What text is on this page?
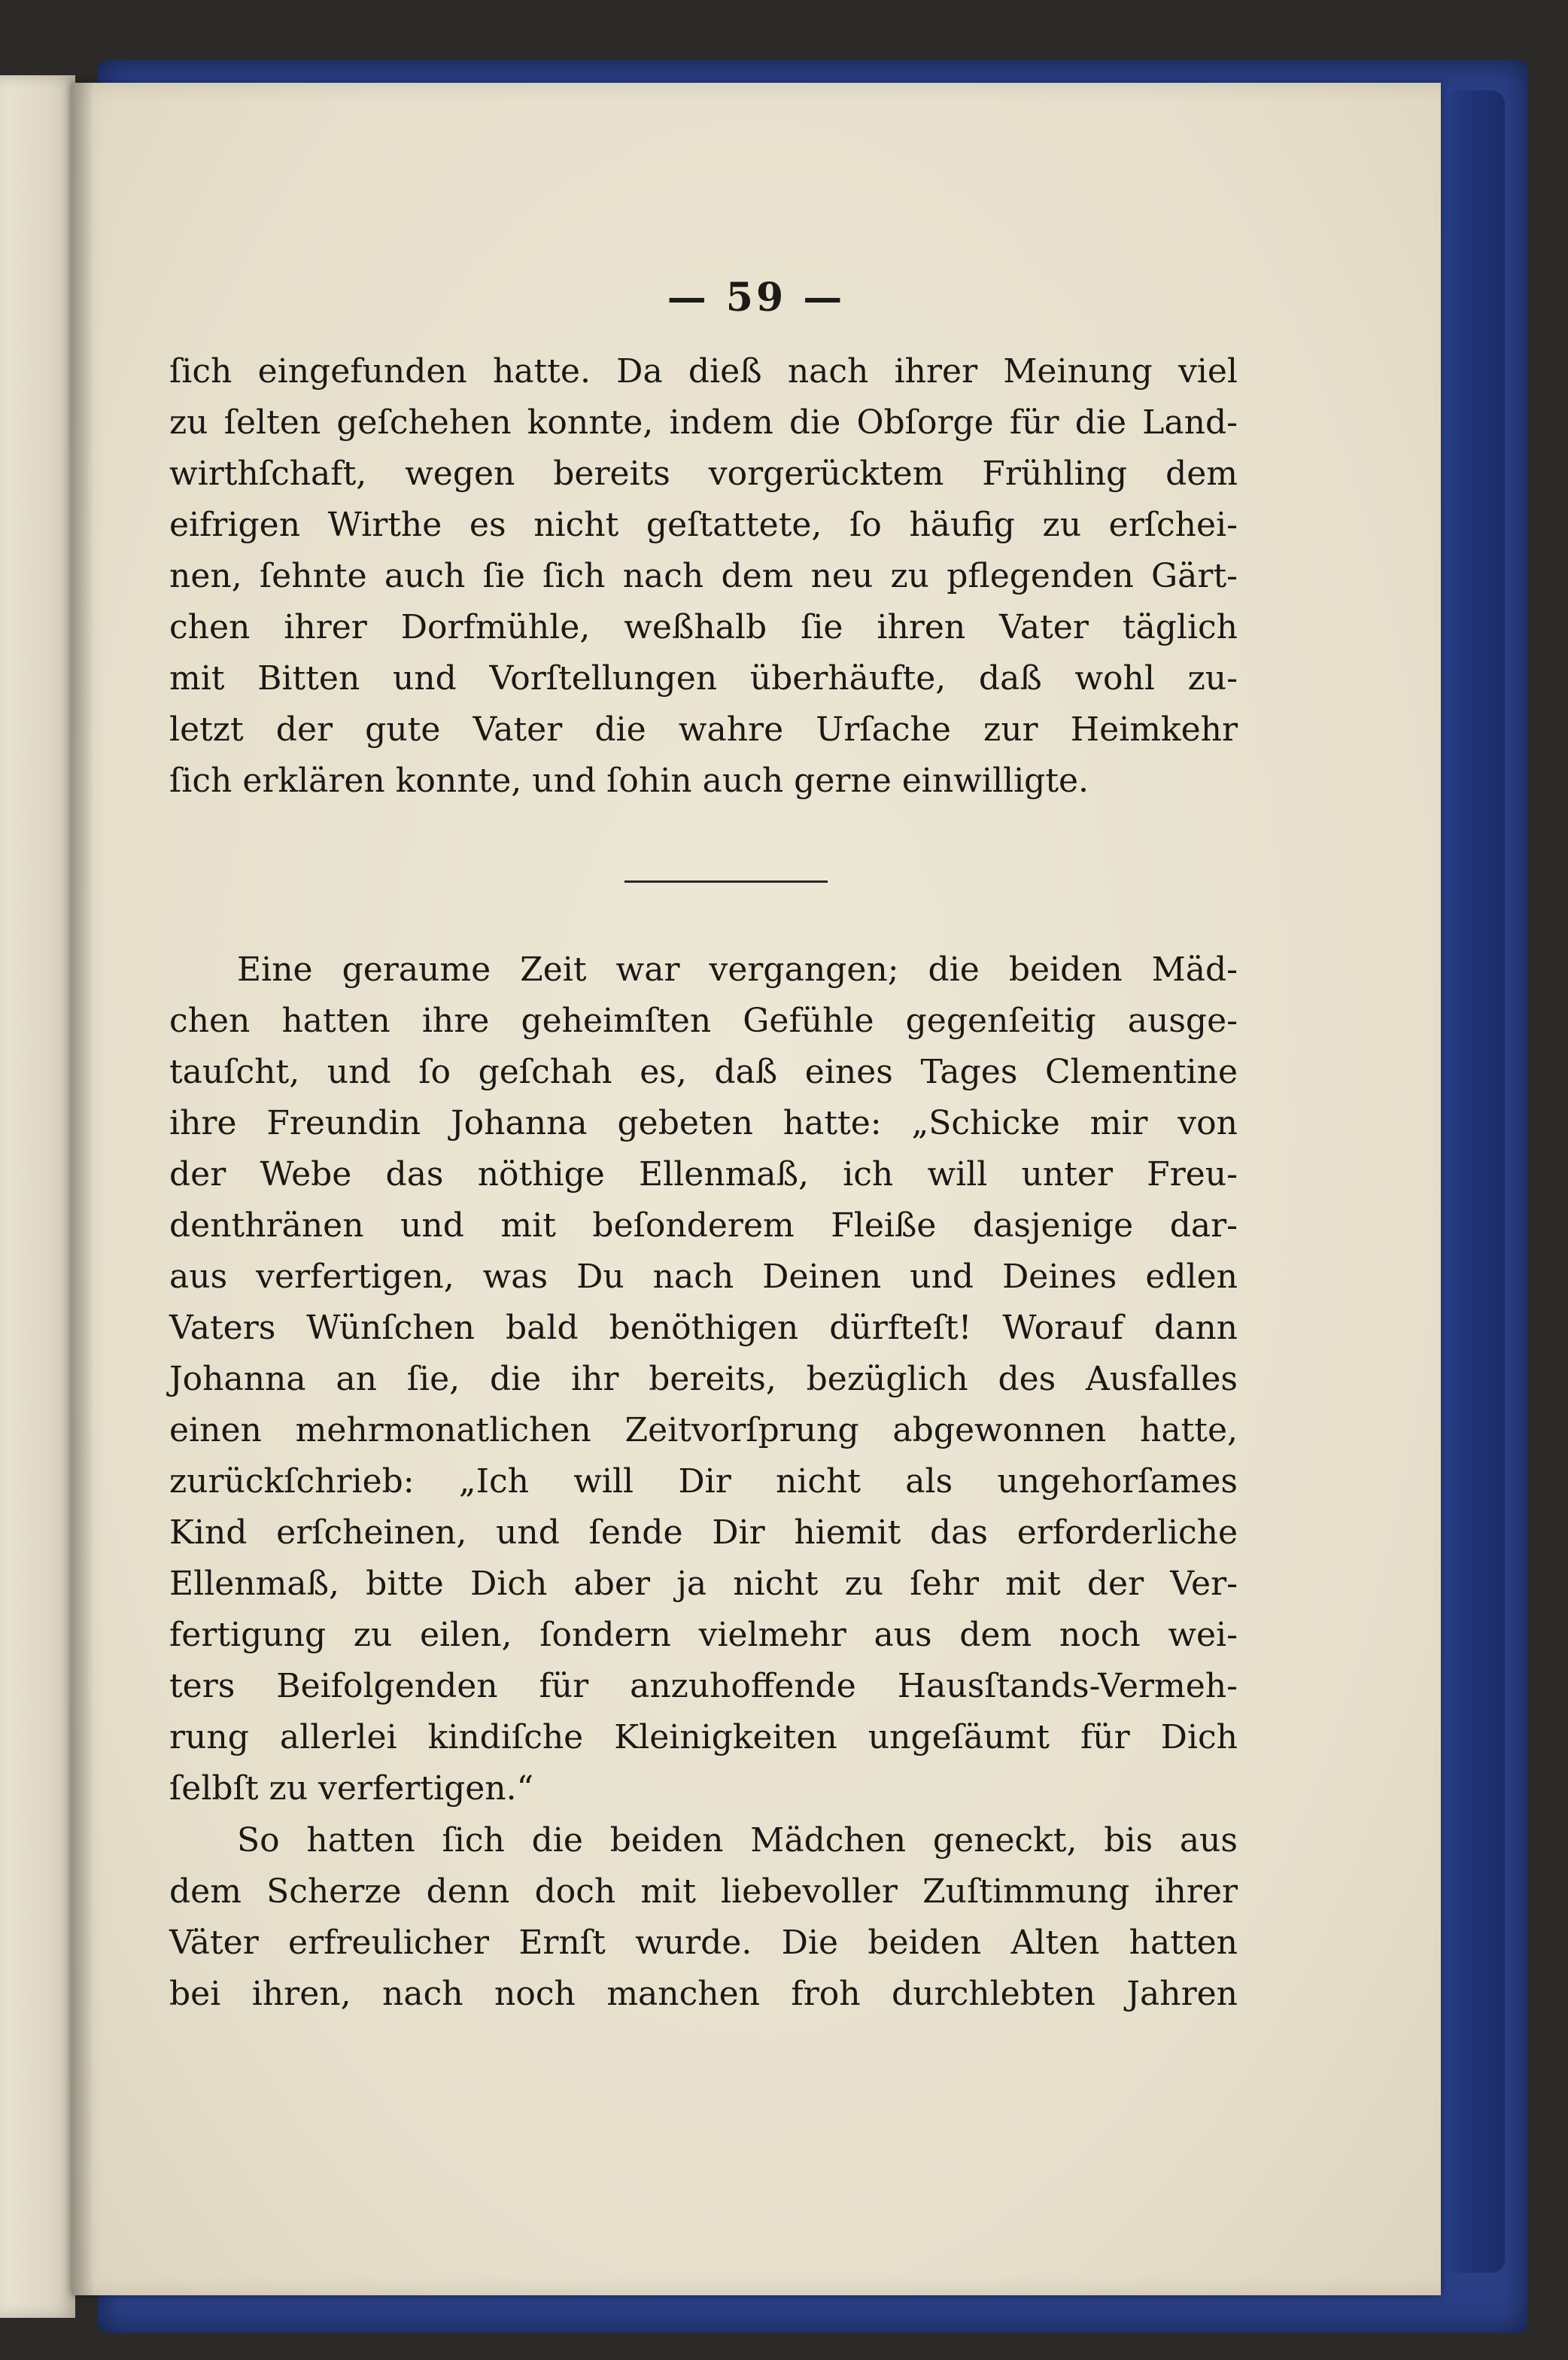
— 59 —
ſich eingefunden hatte. Da dieß nach ihrer Meinung viel
zu ſelten geſchehen konnte, indem die Obſorge für die Land-
wirthſchaft, wegen bereits vorgerücktem Frühling dem
eifrigen Wirthe es nicht geſtattete, ſo häufig zu erſchei-
nen, ſehnte auch ſie ſich nach dem neu zu pflegenden Gärt-
chen ihrer Dorfmühle, weßhalb ſie ihren Vater täglich
mit Bitten und Vorſtellungen überhäufte, daß wohl zu-
letzt der gute Vater die wahre Urſache zur Heimkehr
ſich erklären konnte, und ſohin auch gerne einwilligte.
Eine geraume Zeit war vergangen; die beiden Mäd-
chen hatten ihre geheimſten Gefühle gegenſeitig ausge-
tauſcht, und ſo geſchah es, daß eines Tages Clementine
ihre Freundin Johanna gebeten hatte: „Schicke mir von
der Webe das nöthige Ellenmaß, ich will unter Freu-
denthränen und mit beſonderem Fleiße dasjenige dar-
aus verfertigen, was Du nach Deinen und Deines edlen
Vaters Wünſchen bald benöthigen dürfteſt! Worauf dann
Johanna an ſie, die ihr bereits, bezüglich des Ausfalles
einen mehrmonatlichen Zeitvorſprung abgewonnen hatte,
zurückſchrieb: „Ich will Dir nicht als ungehorſames
Kind erſcheinen, und ſende Dir hiemit das erforderliche
Ellenmaß, bitte Dich aber ja nicht zu ſehr mit der Ver-
fertigung zu eilen, ſondern vielmehr aus dem noch wei-
ters Beifolgenden für anzuhoffende Hausſtands-Vermeh-
rung allerlei kindiſche Kleinigkeiten ungeſäumt für Dich
ſelbſt zu verfertigen.“
So hatten ſich die beiden Mädchen geneckt, bis aus
dem Scherze denn doch mit liebevoller Zuſtimmung ihrer
Väter erfreulicher Ernſt wurde. Die beiden Alten hatten
bei ihren, nach noch manchen froh durchlebten Jahren
